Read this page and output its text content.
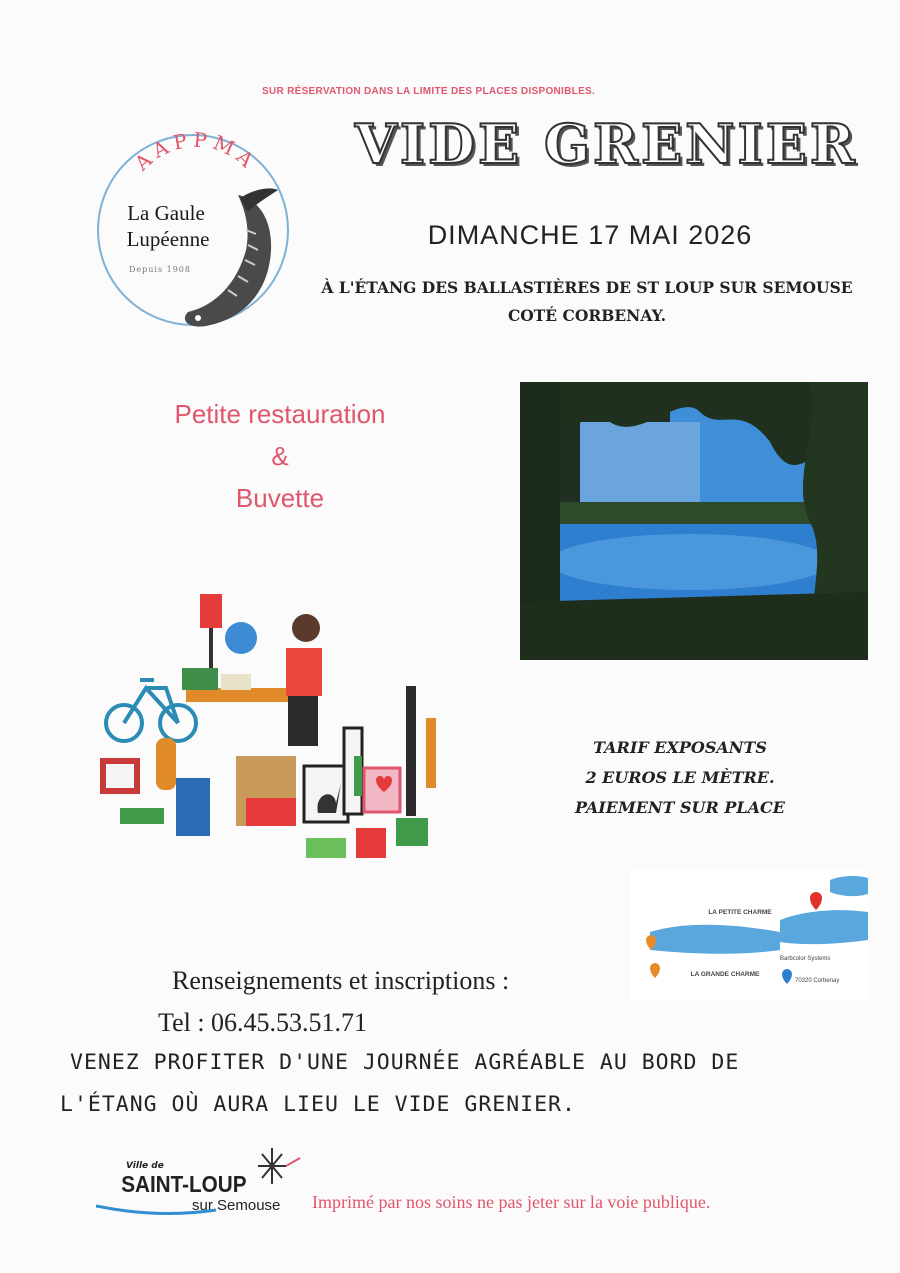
SUR RÉSERVATION DANS LA LIMITE DES PLACES DISPONIBLES.
AAPPMA
La Gaule
Lupéenne
Depuis 1908
VIDE GRENIER
DIMANCHE 17 MAI 2026
À L'ÉTANG DES BALLASTIÈRES DE ST LOUP SUR SEMOUSE
COTÉ CORBENAY.
Petite restauration
&
Buvette
TARIF EXPOSANTS
2 EUROS LE MÈTRE.
PAIEMENT SUR PLACE
LA PETITE CHARME
LA GRANDE CHARME
Barbcolor Systems
70320 Corbenay
Renseignements et inscriptions :
Tel : 06.45.53.51.71
VENEZ PROFITER D'UNE JOURNÉE AGRÉABLE AU BORD DE
L'ÉTANG OÙ AURA LIEU LE VIDE GRENIER.
Ville de
SAINT-LOUP
sur Semouse Imprimé par nos soins ne pas jeter sur la voie publique.
